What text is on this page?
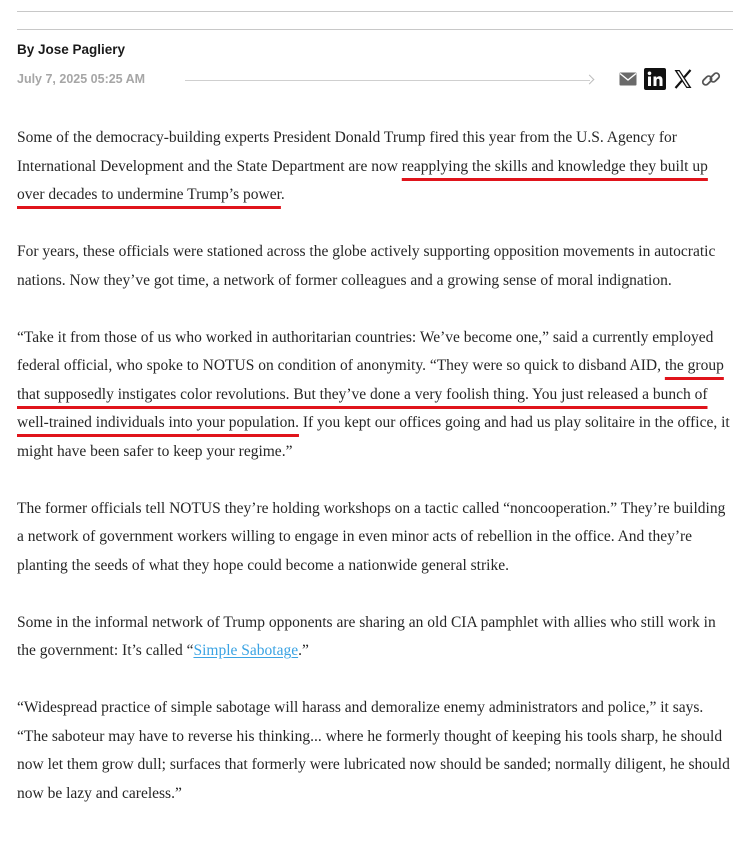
By Jose Pagliery
July 7, 2025 05:25 AM

Some of the democracy-building experts President Donald Trump fired this year from the U.S. Agency for International Development and the State Department are now reapplying the skills and knowledge they built up over decades to undermine Trump’s power.

For years, these officials were stationed across the globe actively supporting opposition movements in autocratic nations. Now they’ve got time, a network of former colleagues and a growing sense of moral indignation.

“Take it from those of us who worked in authoritarian countries: We’ve become one,” said a currently employed federal official, who spoke to NOTUS on condition of anonymity. “They were so quick to disband AID, the group that supposedly instigates color revolutions. But they’ve done a very foolish thing. You just released a bunch of well-trained individuals into your population. If you kept our offices going and had us play solitaire in the office, it might have been safer to keep your regime.”

The former officials tell NOTUS they’re holding workshops on a tactic called “noncooperation.” They’re building a network of government workers willing to engage in even minor acts of rebellion in the office. And they’re planting the seeds of what they hope could become a nationwide general strike.

Some in the informal network of Trump opponents are sharing an old CIA pamphlet with allies who still work in the government: It’s called “Simple Sabotage.”

“Widespread practice of simple sabotage will harass and demoralize enemy administrators and police,” it says. “The saboteur may have to reverse his thinking... where he formerly thought of keeping his tools sharp, he should now let them grow dull; surfaces that formerly were lubricated now should be sanded; normally diligent, he should now be lazy and careless.”
